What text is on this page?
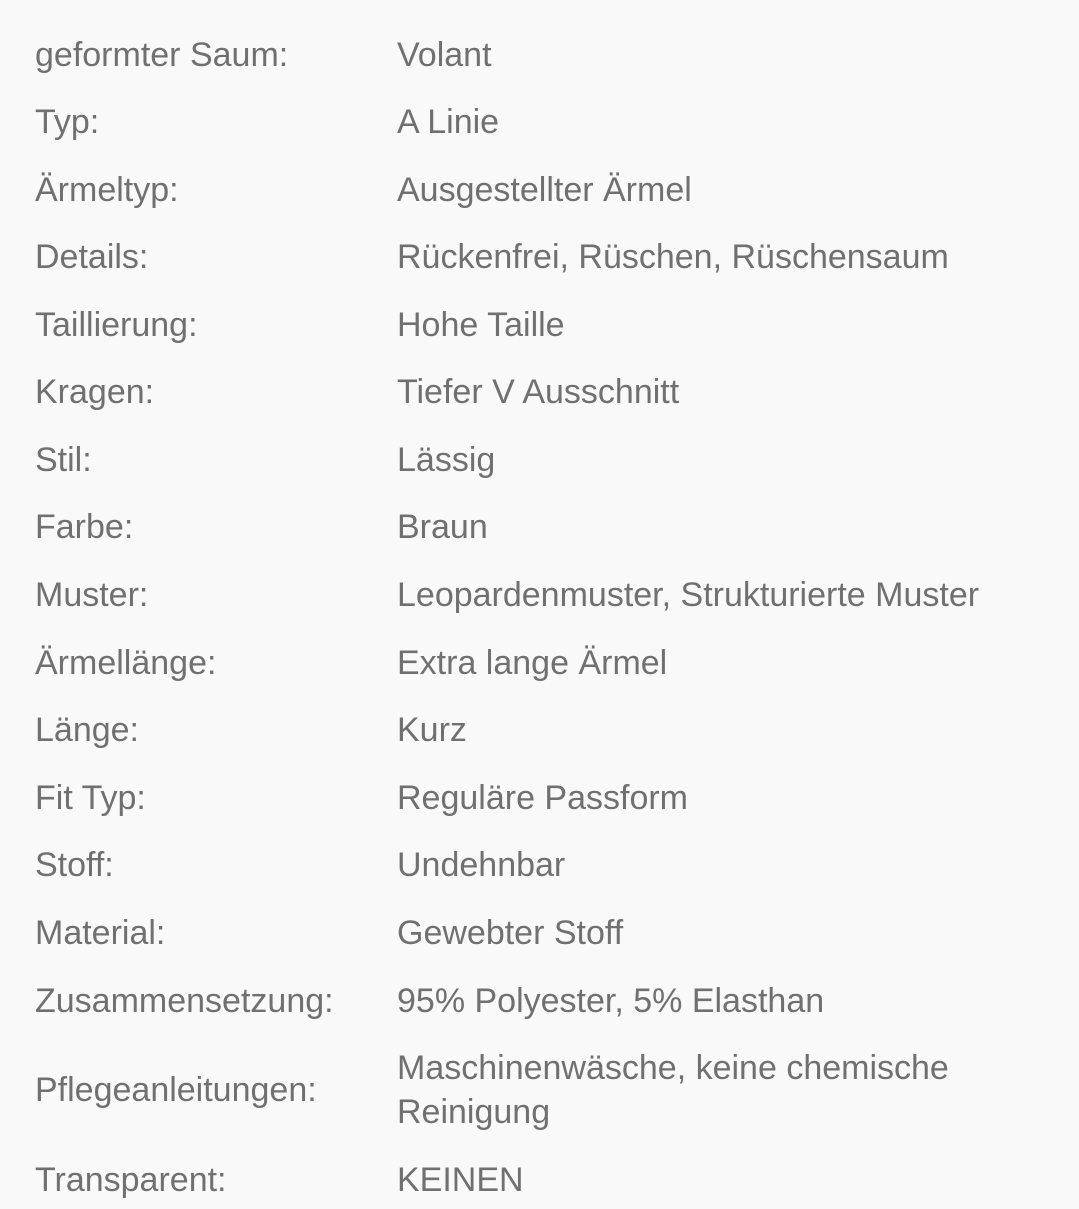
geformter Saum:	Volant
Typ:	A Linie
Ärmeltyp:	Ausgestellter Ärmel
Details:	Rückenfrei, Rüschen, Rüschensaum
Taillierung:	Hohe Taille
Kragen:	Tiefer V Ausschnitt
Stil:	Lässig
Farbe:	Braun
Muster:	Leopardenmuster, Strukturierte Muster
Ärmellänge:	Extra lange Ärmel
Länge:	Kurz
Fit Typ:	Reguläre Passform
Stoff:	Undehnbar
Material:	Gewebter Stoff
Zusammensetzung: 95% Polyester, 5% Elasthan
Pflegeanleitungen:
Maschinenwäsche, keine chemische Reinigung
Transparent:	KEINEN
